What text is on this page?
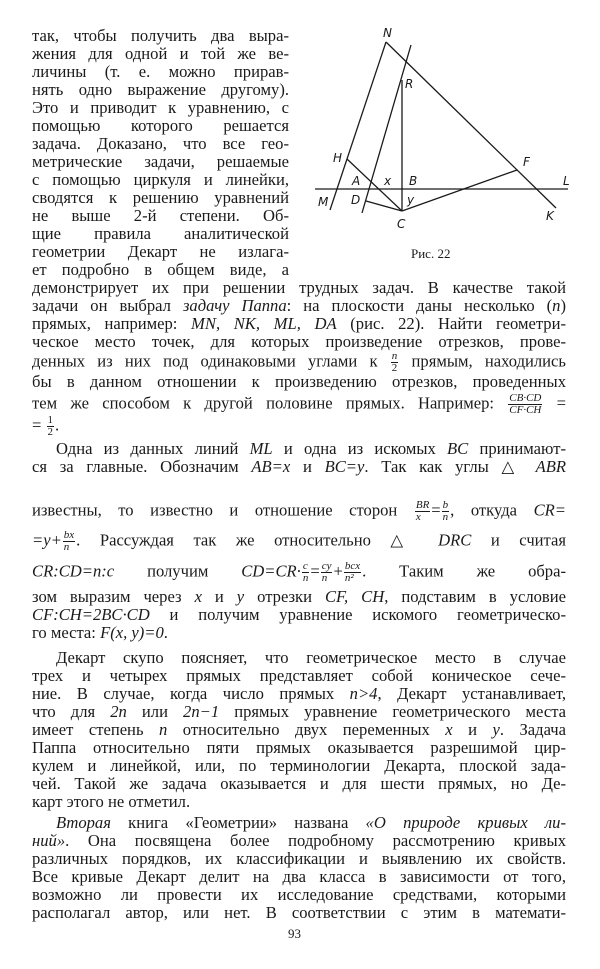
так, чтобы получить два выра-
жения для одной и той же ве-
личины (т. е. можно прирав-
нять одно выражение другому).
Это и приводит к уравнению, с
помощью которого решается
задача. Доказано, что все гео-
метрические задачи, решаемые
с помощью циркуля и линейки,
сводятся к решению уравнений
не выше 2-й степени. Об-
щие правила аналитической
геометрии Декарт не излага-
ет подробно в общем виде, а
N
R
H	F
A x B	L
M D	y
C
K
Рис. 22
демонстрирует их при решении трудных задач. В качестве такой
задачи он выбрал задачу Паппа: на плоскости даны несколько (n)
прямых, например: MN, NK, ML, DA (рис. 22). Найти геометри-
ческое место точек, для которых произведение отрезков, прове-
денных из них под одинаковыми углами к $\frac{n}{2}$ прямым, находились
бы в данном отношении к произведению отрезков, проведенных
тем же способом к другой половине прямых. Например: $\frac{CB\cdot CD}{CF\cdot CH}$ =
= $\frac{1}{2}$ .
Одна из данных линий ML и одна из искомых BC принимают-
ся за главные. Обозначим AB=x и BC=y. Так как углы △ ABR
известны, то известно и отношение сторон $\frac{BR}{x} = \frac{b}{n}$ , откуда CR=
$=y+ \frac{bx}{n}$ . Рассуждая так же относительно △ DRC и считая
CR:CD=n:c получим $CD=CR\cdot \frac{c}{n} = \frac{cy}{n} + \frac{\text{bcx}}{\text{n²}}$ . Таким же обра-
зом выразим через x и y отрезки CF, CH, подставим в условие
CF:CH=2BC·CD и получим уравнение искомого геометрическо-
го места: F(x, y)=0.
Декарт скупо поясняет, что геометрическое место в случае
трех и четырех прямых представляет собой коническое сече-
ние. В случае, когда число прямых n>4, Декарт устанавливает,
что для 2n или 2n−1 прямых уравнение геометрического места
имеет степень n относительно двух переменных x и y. Задача
Паппа относительно пяти прямых оказывается разрешимой цир-
кулем и линейкой, или, по терминологии Декарта, плоской зада-
чей. Такой же задача оказывается и для шести прямых, но Де-
карт этого не отметил.
Вторая книга «Геометрии» названа «О природе кривых ли-
ний». Она посвящена более подробному рассмотрению кривых
различных порядков, их классификации и выявлению их свойств.
Все кривые Декарт делит на два класса в зависимости от того,
возможно ли провести их исследование средствами, которыми
располагал автор, или нет. В соответствии с этим в математи-
93
